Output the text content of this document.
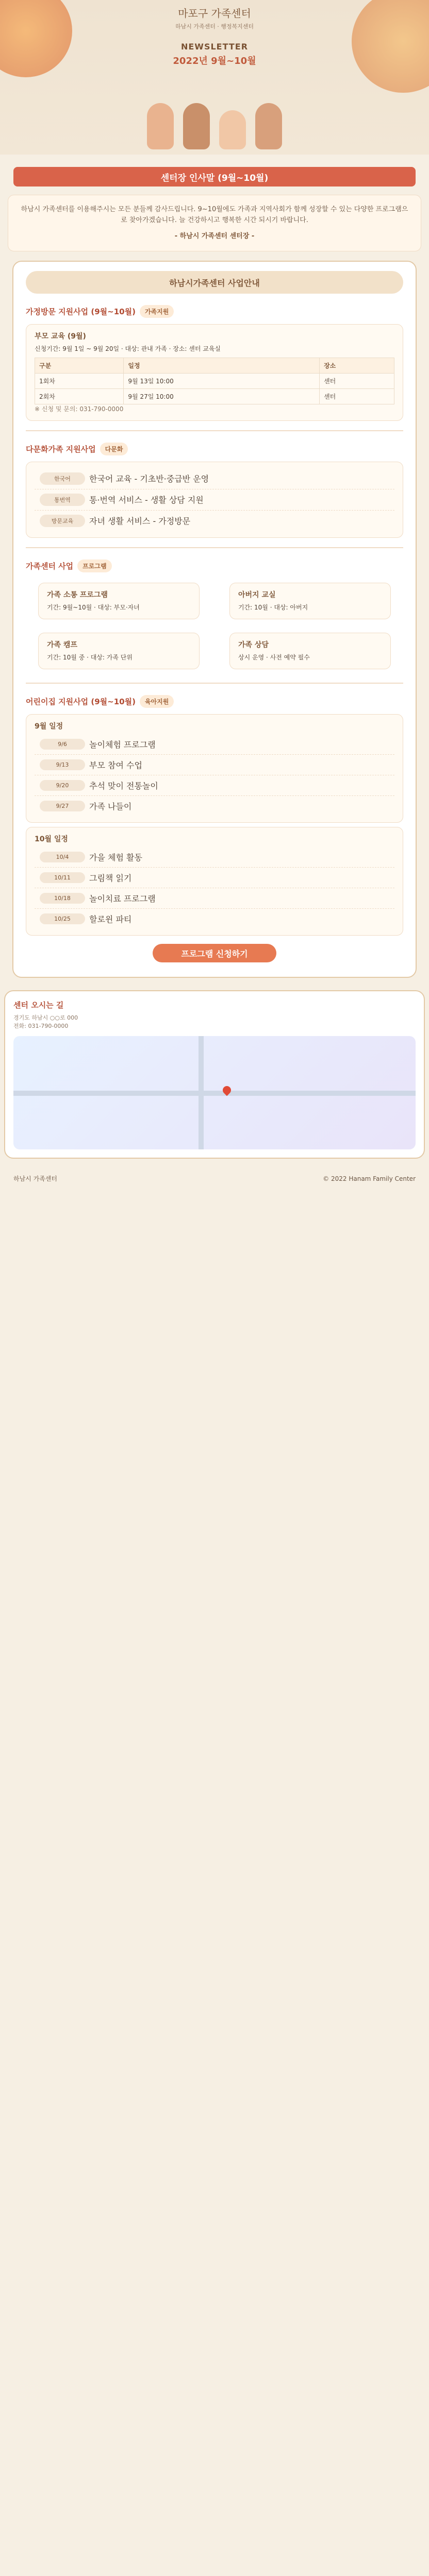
마포구 가족센터
하남시 가족센터 · 행정복지센터
NEWSLETTER
2022년 9월~10월
센터장 인사말 (9월~10월)
하남시 가족센터를 이용해주시는 모든 분들께 감사드립니다. 9~10월에도 가족과 지역사회가 함께 성장할 수 있는 다양한 프로그램으로 찾아가겠습니다. 늘 건강하시고 행복한 시간 되시기 바랍니다.
- 하남시 가족센터 센터장 -
하남시가족센터 사업안내
가정방문 지원사업 (9월~10월)	가족지원
부모 교육 (9월)

신청기간: 9월 1일 ~ 9월 20일 · 대상: 관내 가족 · 장소: 센터 교육실

구분	일정	장소
1회차	9월 13일 10:00	센터
2회차	9월 27일 10:00	센터

※ 신청 및 문의: 031-790-0000

다문화가족 지원사업	다문화
한국어	한국어 교육 - 기초반·중급반 운영
통번역	통·번역 서비스 - 생활 상담 지원
방문교육	자녀 생활 서비스 - 가정방문
가족센터 사업	프로그램
가족 소통 프로그램

기간: 9월~10월 · 대상: 부모·자녀

아버지 교실

기간: 10월 · 대상: 아버지

가족 캠프

기간: 10월 중 · 대상: 가족 단위

가족 상담

상시 운영 · 사전 예약 필수

어린이집 지원사업 (9월~10월)	육아지원
9월 일정
9/6	놀이체험 프로그램
9/13	부모 참여 수업
9/20	추석 맞이 전통놀이
9/27	가족 나들이
10월 일정
10/4	가을 체험 활동
10/11	그림책 읽기
10/18	놀이치료 프로그램
10/25	할로윈 파티
프로그램 신청하기
센터 오시는 길
경기도 하남시 ○○로 000
전화: 031-790-0000
하남시 가족센터	© 2022 Hanam Family Center
